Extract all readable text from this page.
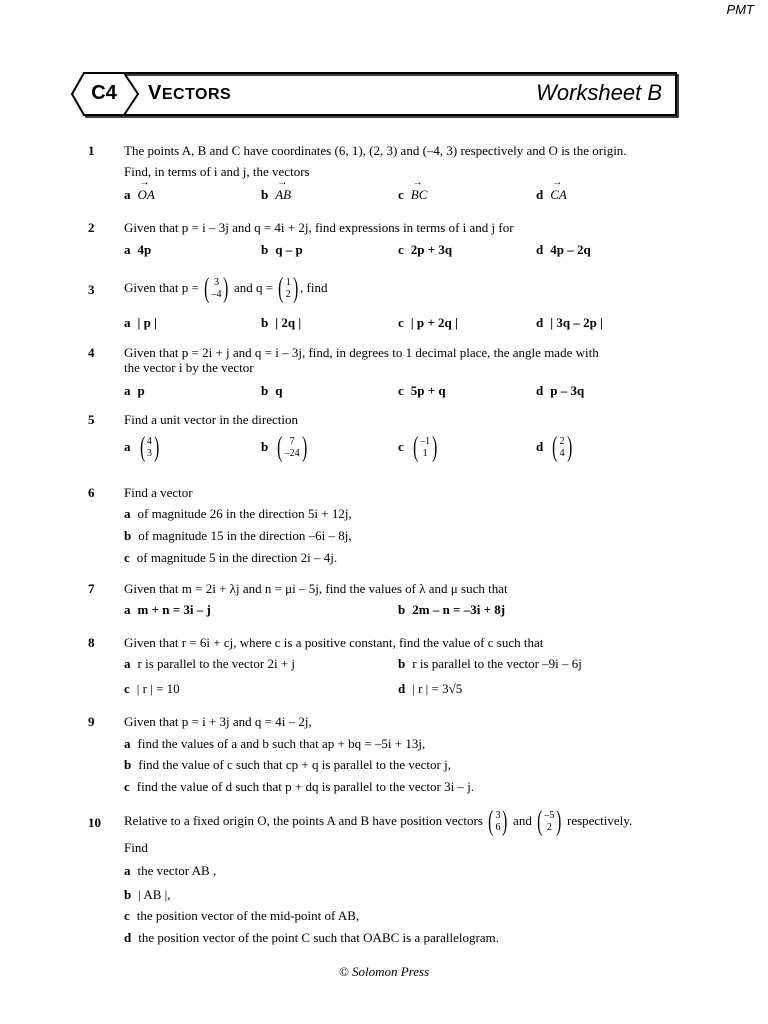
PMT
C4	VECTORS	Worksheet B
1 The points A, B and C have coordinates (6, 1), (2, 3) and (–4, 3) respectively and O is the origin.
Find, in terms of i and j, the vectors
a → OA	b → AB	c → BC	d → CA
2 Given that p = i – 3j and q = 4i + 2j, find expressions in terms of i and j for
a 4p	b q – p	c 2p + 3q	d 4p – 2q
3 Given that p = ( 3
–4 ) and q = ( 1
2 ) , find
a | p |	b | 2q |	c | p + 2q |	d | 3q – 2p |
4 Given that p = 2i + j and q = i – 3j, find, in degrees to 1 decimal place, the angle made with
the vector i by the vector
a p	b q	c 5p + q	d p – 3q
5 Find a unit vector in the direction
a ( 4
3 )	b ( 7
–24 )	c ( –1
1 )	d ( 2
4 )
6 Find a vector
a of magnitude 26 in the direction 5i + 12j,
b of magnitude 15 in the direction –6i – 8j,
c of magnitude 5 in the direction 2i – 4j.
7 Given that m = 2i + λj and n = μi – 5j, find the values of λ and μ such that
a m + n = 3i – j	b 2m – n = –3i + 8j
8 Given that r = 6i + cj, where c is a positive constant, find the value of c such that
a r is parallel to the vector 2i + j	b r is parallel to the vector –9i – 6j
c | r | = 10	d | r | = 3√5
9 Given that p = i + 3j and q = 4i – 2j,
a find the values of a and b such that ap + bq = –5i + 13j,
b find the value of c such that cp + q is parallel to the vector j,
c find the value of d such that p + dq is parallel to the vector 3i – j.
10 Relative to a fixed origin O, the points A and B have position vectors ( 3
6 ) and ( –5
2 ) respectively.
Find
a the vector AB ,
b | AB |,
c the position vector of the mid-point of AB,
d the position vector of the point C such that OABC is a parallelogram.
© Solomon Press
